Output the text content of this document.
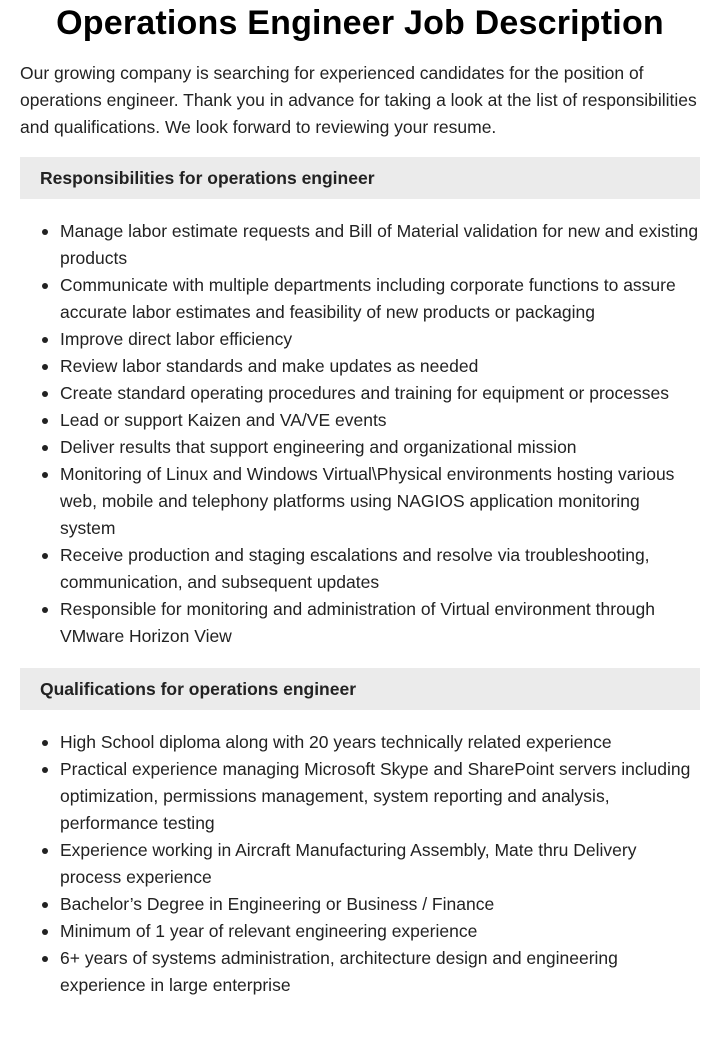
Operations Engineer Job Description

Our growing company is searching for experienced candidates for the position of operations engineer. Thank you in advance for taking a look at the list of responsibilities and qualifications. We look forward to reviewing your resume.

Responsibilities for operations engineer
Manage labor estimate requests and Bill of Material validation for new and existing products
Communicate with multiple departments including corporate functions to assure accurate labor estimates and feasibility of new products or packaging
Improve direct labor efficiency
Review labor standards and make updates as needed
Create standard operating procedures and training for equipment or processes
Lead or support Kaizen and VA/VE events
Deliver results that support engineering and organizational mission
Monitoring of Linux and Windows Virtual\Physical environments hosting various web, mobile and telephony platforms using NAGIOS application monitoring system
Receive production and staging escalations and resolve via troubleshooting, communication, and subsequent updates
Responsible for monitoring and administration of Virtual environment through VMware Horizon View
Qualifications for operations engineer
High School diploma along with 20 years technically related experience
Practical experience managing Microsoft Skype and SharePoint servers including optimization, permissions management, system reporting and analysis, performance testing
Experience working in Aircraft Manufacturing Assembly, Mate thru Delivery process experience
Bachelor’s Degree in Engineering or Business / Finance
Minimum of 1 year of relevant engineering experience
6+ years of systems administration, architecture design and engineering experience in large enterprise
